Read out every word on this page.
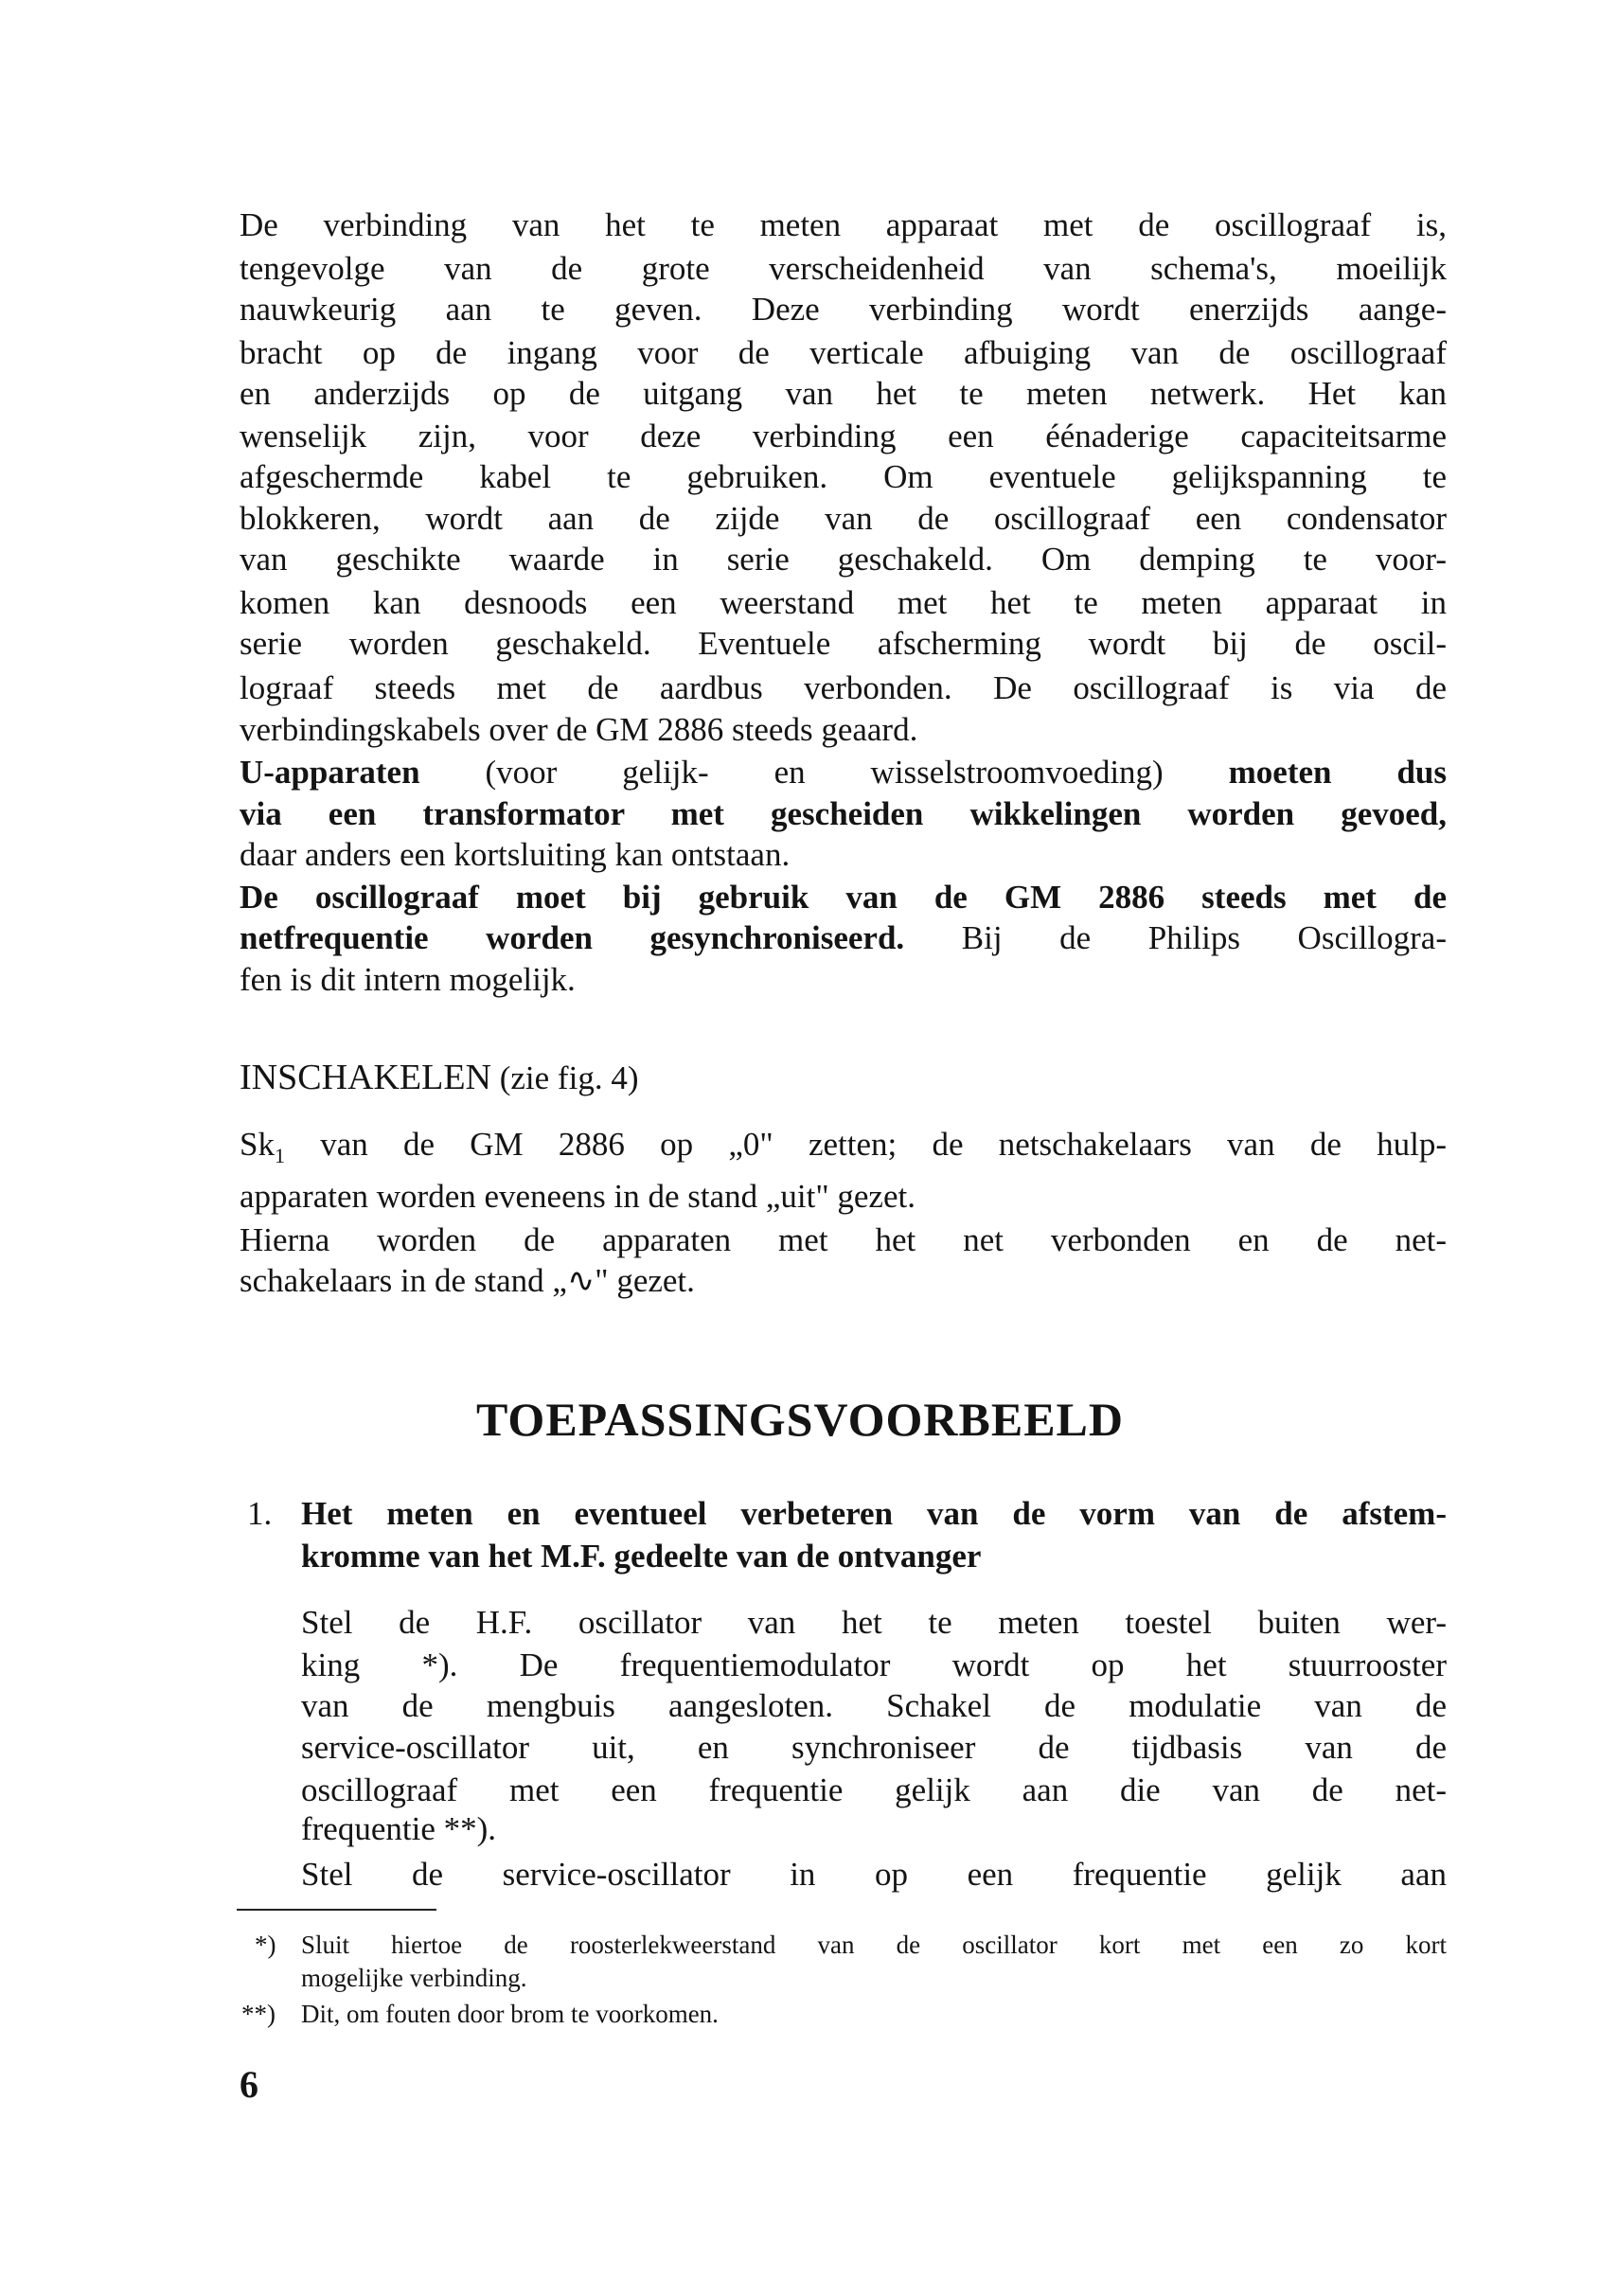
De verbinding van het te meten apparaat met de oscillograaf is,
tengevolge van de grote verscheidenheid van schema's, moeilijk
nauwkeurig aan te geven. Deze verbinding wordt enerzijds aange-
bracht op de ingang voor de verticale afbuiging van de oscillograaf
en anderzijds op de uitgang van het te meten netwerk. Het kan
wenselijk zijn, voor deze verbinding een éénaderige capaciteitsarme
afgeschermde kabel te gebruiken. Om eventuele gelijkspanning te
blokkeren, wordt aan de zijde van de oscillograaf een condensator
van geschikte waarde in serie geschakeld. Om demping te voor-
komen kan desnoods een weerstand met het te meten apparaat in
serie worden geschakeld. Eventuele afscherming wordt bij de oscil-
lograaf steeds met de aardbus verbonden. De oscillograaf is via de
verbindingskabels over de GM 2886 steeds geaard.
U-apparaten (voor gelijk- en wisselstroomvoeding) moeten dus
via een transformator met gescheiden wikkelingen worden gevoed,
daar anders een kortsluiting kan ontstaan.
De oscillograaf moet bij gebruik van de GM 2886 steeds met de
netfrequentie worden gesynchroniseerd. Bij de Philips Oscillogra-
fen is dit intern mogelijk.
INSCHAKELEN (zie fig. 4)
$Sk_1$ van de GM 2886 op „0" zetten; de netschakelaars van de hulp-
apparaten worden eveneens in de stand „uit" gezet.
Hierna worden de apparaten met het net verbonden en de net-
schakelaars in de stand „∿" gezet.
TOEPASSINGSVOORBEELD
1. Het meten en eventueel verbeteren van de vorm van de afstem-
kromme van het M.F. gedeelte van de ontvanger
Stel de H.F. oscillator van het te meten toestel buiten wer-
king *). De frequentiemodulator wordt op het stuurrooster
van de mengbuis aangesloten. Schakel de modulatie van de
service-oscillator uit, en synchroniseer de tijdbasis van de
oscillograaf met een frequentie gelijk aan die van de net-
frequentie **).
Stel de service-oscillator in op een frequentie gelijk aan
*) Sluit hiertoe de roosterlekweerstand van de oscillator kort met een zo kort
mogelijke verbinding.
**) Dit, om fouten door brom te voorkomen.
6
